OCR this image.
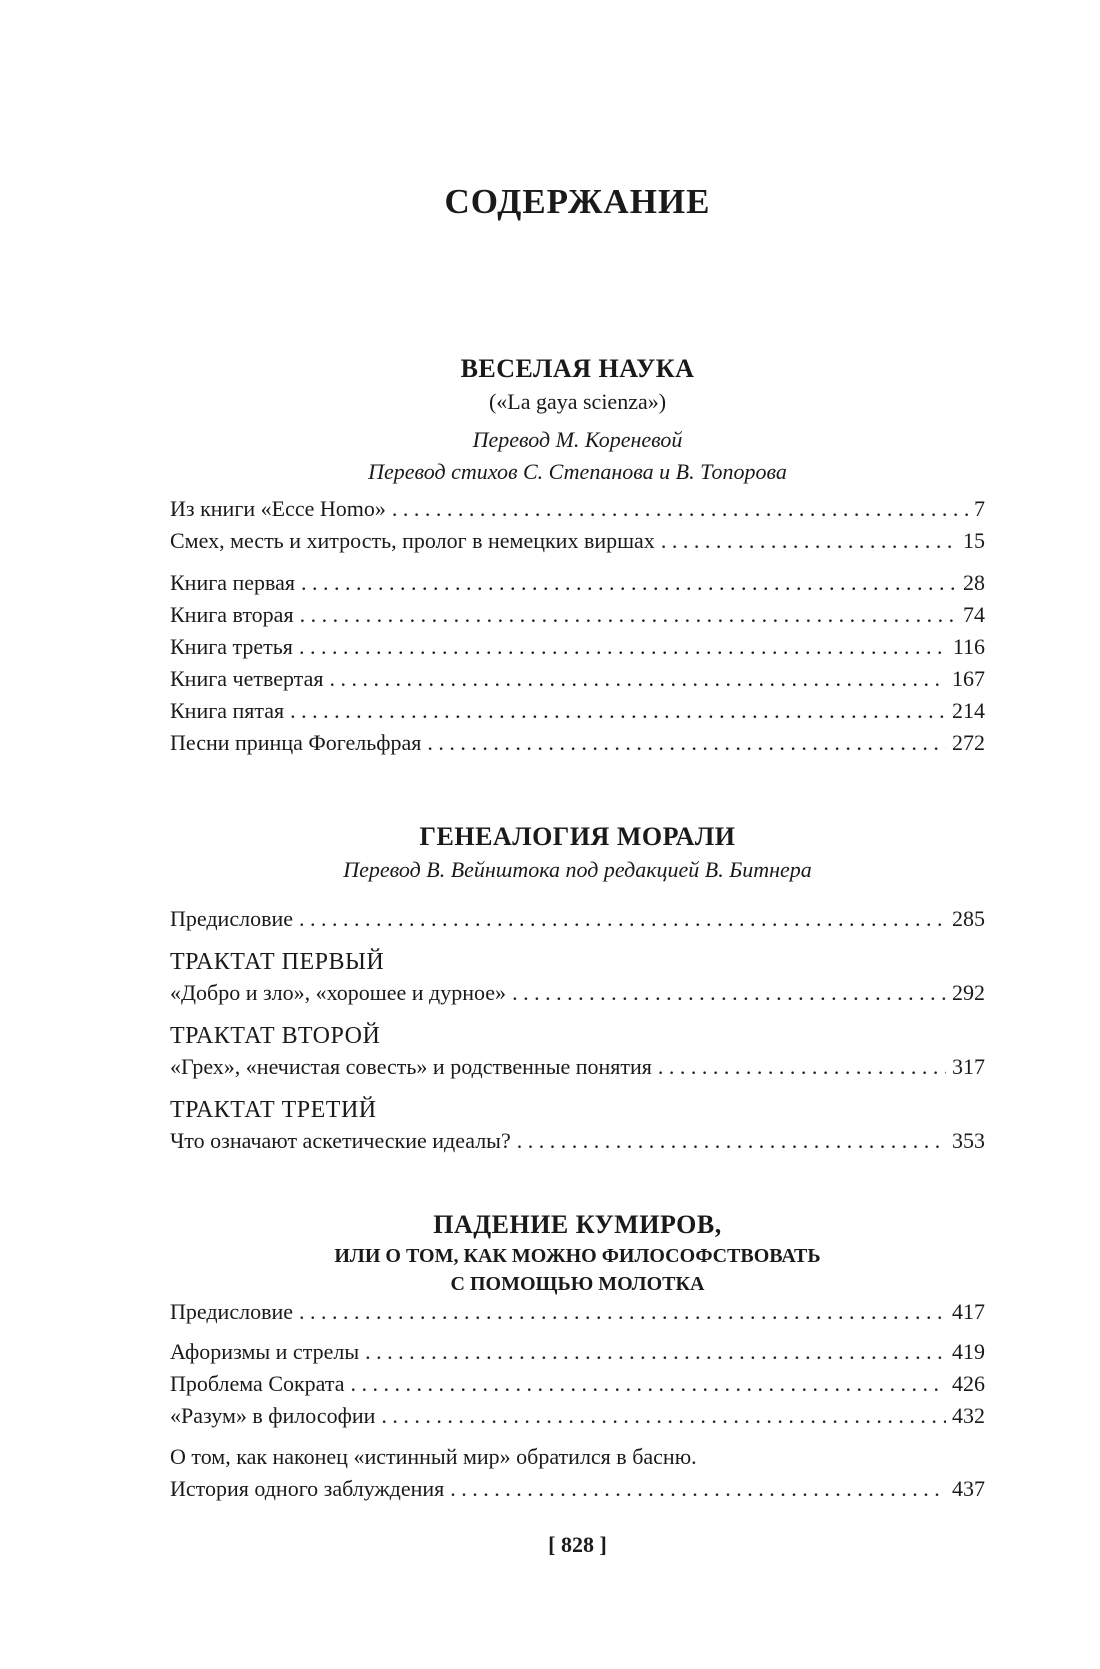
СОДЕРЖАНИЕ
ВЕСЕЛАЯ НАУКА
(«La gaya scienza»)
Перевод М. Кореневой
Перевод стихов С. Степанова и В. Топорова
Из книги «Ecce Homo» . . .	7
Смех, месть и хитрость, пролог в немецких виршах . . .	15
Книга первая . . .	28
Книга вторая . . .	74
Книга третья . . .	116
Книга четвертая . . .	167
Книга пятая . . .	214
Песни принца Фогельфрая . . .	272
ГЕНЕАЛОГИЯ МОРАЛИ
Перевод В. Вейнштока под редакцией В. Битнера
Предисловие . . .	285
ТРАКТАТ ПЕРВЫЙ
«Добро и зло», «хорошее и дурное» . . .	292
ТРАКТАТ ВТОРОЙ
«Грех», «нечистая совесть» и родственные понятия . . .	317
ТРАКТАТ ТРЕТИЙ
Что означают аскетические идеалы? . . .	353
ПАДЕНИЕ КУМИРОВ,
ИЛИ О ТОМ, КАК МОЖНО ФИЛОСОФСТВОВАТЬ
С ПОМОЩЬЮ МОЛОТКА
Предисловие . . .	417
Афоризмы и стрелы . . .	419
Проблема Сократа . . .	426
«Разум» в философии . . .	432
О том, как наконец «истинный мир» обратился в басню.
История одного заблуждения . . .	437
[ 828 ]
